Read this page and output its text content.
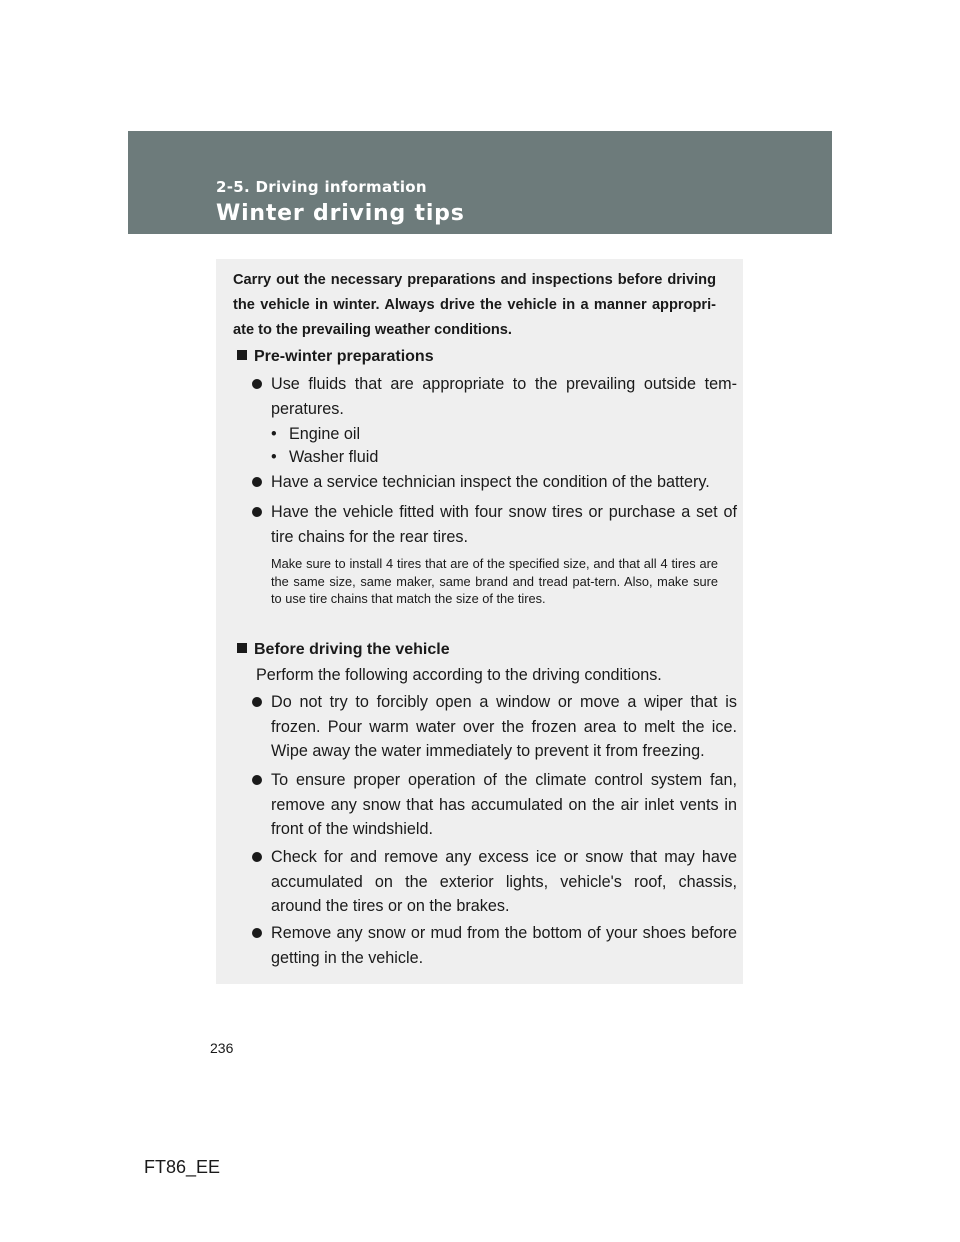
2-5. Driving information
Winter driving tips
Carry out the necessary preparations and inspections before driving the vehicle in winter. Always drive the vehicle in a manner appropri-ate to the prevailing weather conditions.
Pre-winter preparations
Use fluids that are appropriate to the prevailing outside tem-peratures.
• Engine oil
• Washer fluid
Have a service technician inspect the condition of the battery.
Have the vehicle fitted with four snow tires or purchase a set of tire chains for the rear tires.
Make sure to install 4 tires that are of the specified size, and that all 4 tires are the same size, same maker, same brand and tread pat-tern. Also, make sure to use tire chains that match the size of the tires.
Before driving the vehicle
Perform the following according to the driving conditions.
Do not try to forcibly open a window or move a wiper that is frozen. Pour warm water over the frozen area to melt the ice. Wipe away the water immediately to prevent it from freezing.
To ensure proper operation of the climate control system fan, remove any snow that has accumulated on the air inlet vents in front of the windshield.
Check for and remove any excess ice or snow that may have accumulated on the exterior lights, vehicle's roof, chassis, around the tires or on the brakes.
Remove any snow or mud from the bottom of your shoes before getting in the vehicle.
236
FT86_EE
